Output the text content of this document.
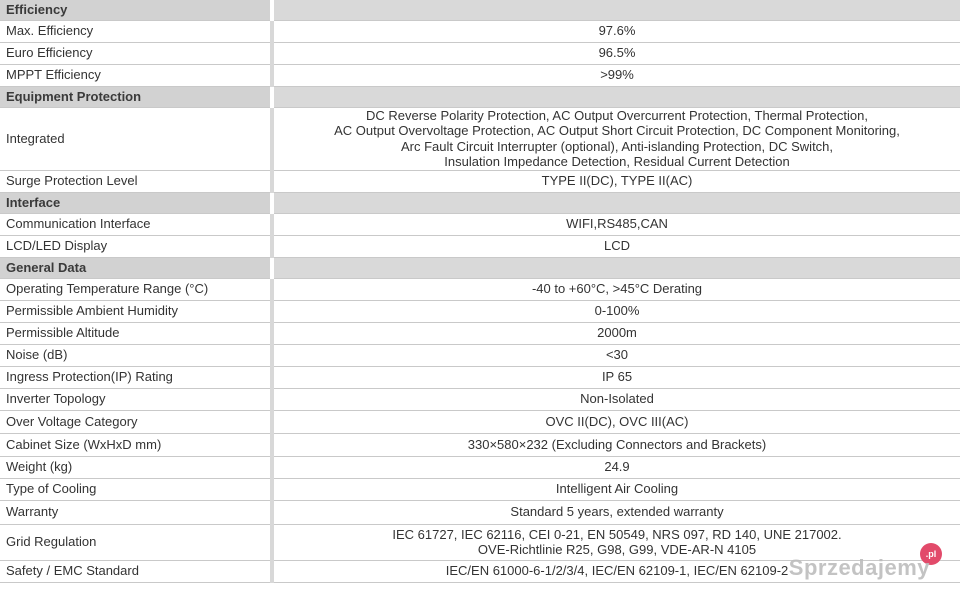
Efficiency	
Max. Efficiency	97.6%

Euro Efficiency	96.5%

MPPT Efficiency	>99%

Equipment Protection	
Integrated	DC Reverse Polarity Protection, AC Output Overcurrent Protection, Thermal Protection,
AC Output Overvoltage Protection, AC Output Short Circuit Protection, DC Component Monitoring,
Arc Fault Circuit Interrupter (optional), Anti-islanding Protection, DC Switch,
Insulation Impedance Detection, Residual Current Detection

Surge Protection Level	TYPE II(DC), TYPE II(AC)

Interface	
Communication Interface	WIFI,RS485,CAN

LCD/LED Display	LCD

General Data	
Operating Temperature Range (°C)	-40 to +60°C, >45°C Derating

Permissible Ambient Humidity	0-100%

Permissible Altitude	2000m

Noise (dB)	<30

Ingress Protection(IP) Rating	IP 65

Inverter Topology	Non-Isolated

Over Voltage Category	OVC II(DC), OVC III(AC)

Cabinet Size (WxHxD mm)	330×580×232 (Excluding Connectors and Brackets)

Weight (kg)	24.9

Type of Cooling	Intelligent Air Cooling

Warranty	Standard 5 years, extended warranty

Grid Regulation	IEC 61727, IEC 62116, CEI 0-21, EN 50549, NRS 097, RD 140, UNE 217002.
OVE-Richtlinie R25, G98, G99, VDE-AR-N 4105

Safety / EMC Standard	IEC/EN 61000-6-1/2/3/4, IEC/EN 62109-1, IEC/EN 62109-2
.pl
Sprzedajemy
